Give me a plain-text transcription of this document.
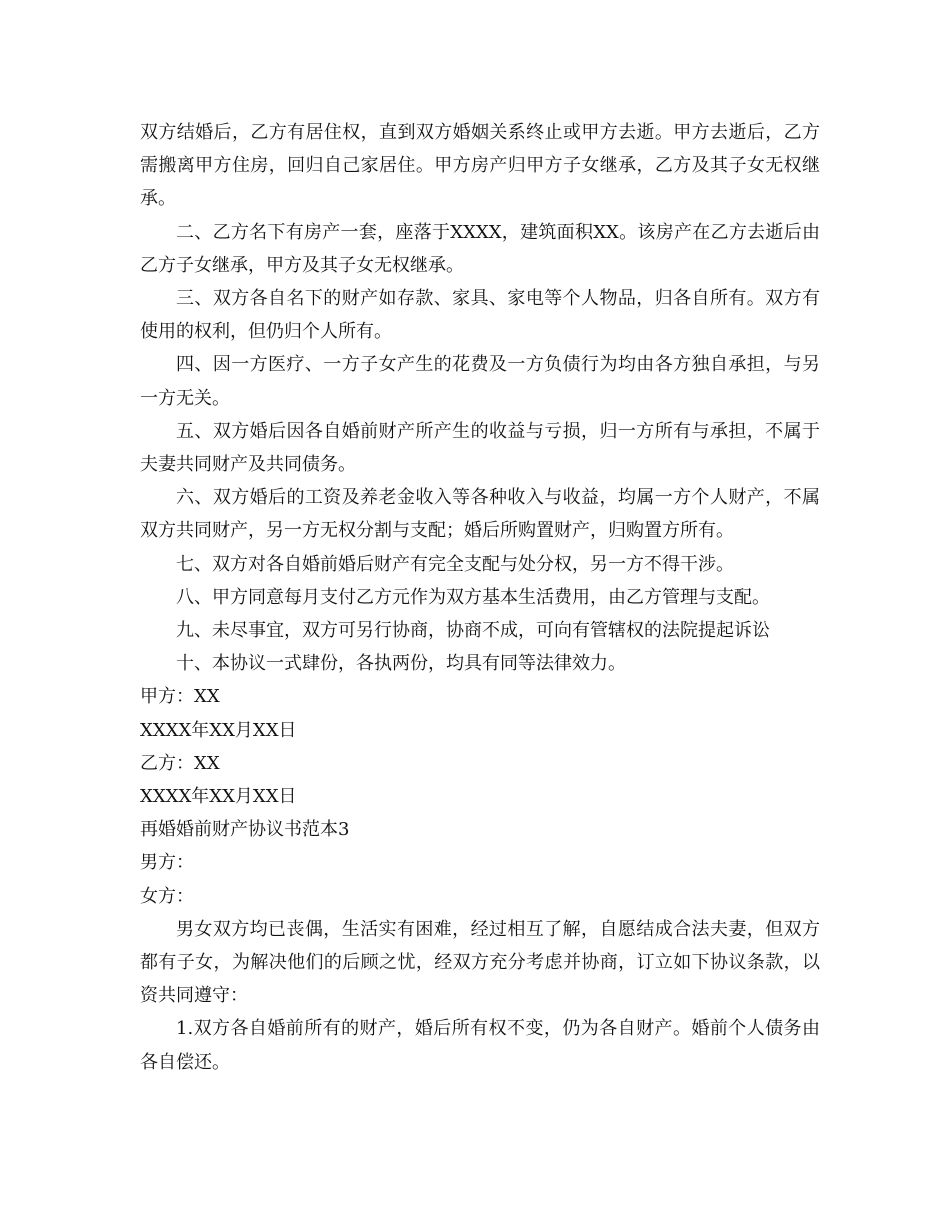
双方结婚后，乙方有居住权，直到双方婚姻关系终止或甲方去逝。甲方去逝后，乙方需搬离甲方住房，回归自己家居住。甲方房产归甲方子女继承，乙方及其子女无权继承。

二、乙方名下有房产一套，座落于XXXX，建筑面积XX。该房产在乙方去逝后由乙方子女继承，甲方及其子女无权继承。

三、双方各自名下的财产如存款、家具、家电等个人物品，归各自所有。双方有使用的权利，但仍归个人所有。

四、因一方医疗、一方子女产生的花费及一方负债行为均由各方独自承担，与另一方无关。

五、双方婚后因各自婚前财产所产生的收益与亏损，归一方所有与承担，不属于夫妻共同财产及共同债务。

六、双方婚后的工资及养老金收入等各种收入与收益，均属一方个人财产，不属双方共同财产，另一方无权分割与支配；婚后所购置财产，归购置方所有。

七、双方对各自婚前婚后财产有完全支配与处分权，另一方不得干涉。

八、甲方同意每月支付乙方元作为双方基本生活费用，由乙方管理与支配。

九、未尽事宜，双方可另行协商，协商不成，可向有管辖权的法院提起诉讼

十、本协议一式肆份，各执两份，均具有同等法律效力。

甲方：XX

XXXX年XX月XX日

乙方：XX

XXXX年XX月XX日

再婚婚前财产协议书范本3

男方：

女方：

男女双方均已丧偶，生活实有困难，经过相互了解，自愿结成合法夫妻，但双方都有子女，为解决他们的后顾之忧，经双方充分考虑并协商，订立如下协议条款，以资共同遵守：

1.双方各自婚前所有的财产，婚后所有权不变，仍为各自财产。婚前个人债务由各自偿还。
